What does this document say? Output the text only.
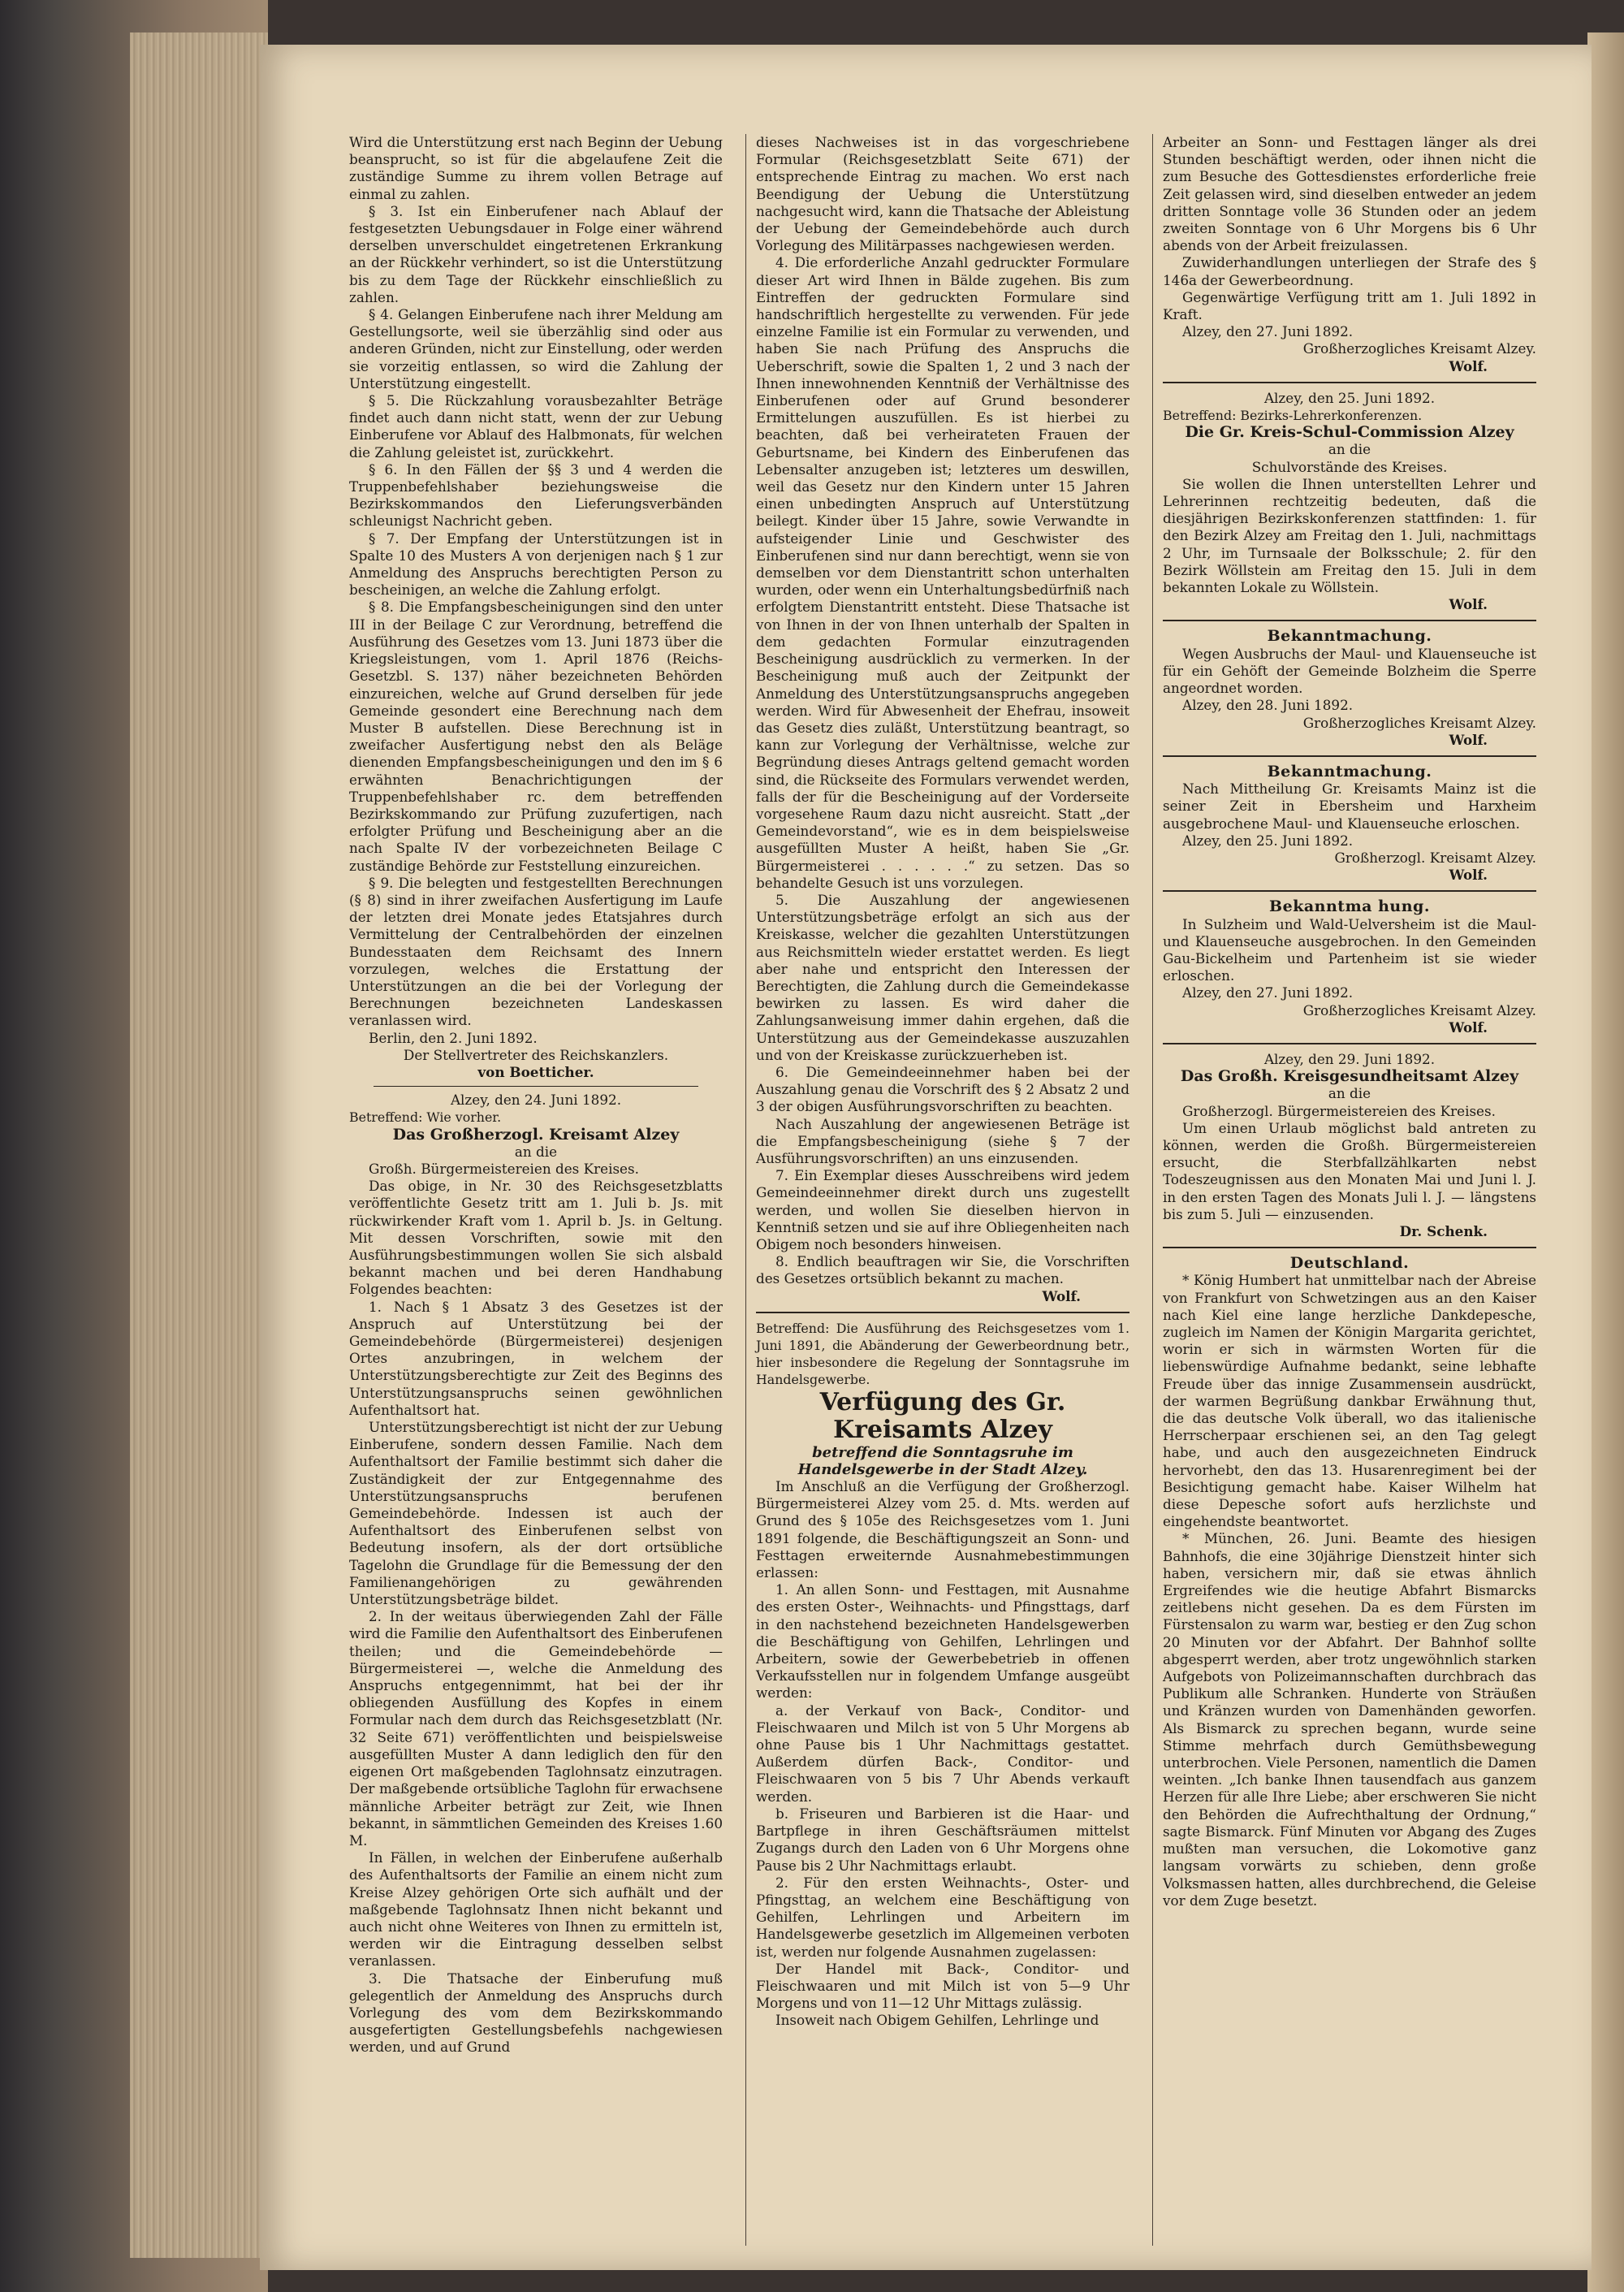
Wird die Unterstützung erst nach Beginn der Uebung beansprucht, so ist für die abgelaufene Zeit die zuständige Summe zu ihrem vollen Betrage auf einmal zu zahlen.

§ 3. Ist ein Einberufener nach Ablauf der festgesetzten Uebungsdauer in Folge einer während derselben unverschuldet eingetretenen Erkrankung an der Rückkehr verhindert, so ist die Unterstützung bis zu dem Tage der Rückkehr einschließlich zu zahlen.

§ 4. Gelangen Einberufene nach ihrer Meldung am Gestellungsorte, weil sie überzählig sind oder aus anderen Gründen, nicht zur Einstellung, oder werden sie vorzeitig entlassen, so wird die Zahlung der Unterstützung eingestellt.

§ 5. Die Rückzahlung vorausbezahlter Beträge findet auch dann nicht statt, wenn der zur Uebung Einberufene vor Ablauf des Halbmonats, für welchen die Zahlung geleistet ist, zurückkehrt.

§ 6. In den Fällen der §§ 3 und 4 werden die Truppenbefehlshaber beziehungsweise die Bezirkskommandos den Lieferungsverbänden schleunigst Nachricht geben.

§ 7. Der Empfang der Unterstützungen ist in Spalte 10 des Musters A von derjenigen nach § 1 zur Anmeldung des Anspruchs berechtigten Person zu bescheinigen, an welche die Zahlung erfolgt.

§ 8. Die Empfangsbescheinigungen sind den unter III in der Beilage C zur Verordnung, betreffend die Ausführung des Gesetzes vom 13. Juni 1873 über die Kriegsleistungen, vom 1. April 1876 (Reichs-Gesetzbl. S. 137) näher bezeichneten Behörden einzureichen, welche auf Grund derselben für jede Gemeinde gesondert eine Berechnung nach dem Muster B aufstellen. Diese Berechnung ist in zweifacher Ausfertigung nebst den als Beläge dienenden Empfangsbescheinigungen und den im § 6 erwähnten Benachrichtigungen der Truppenbefehlshaber rc. dem betreffenden Bezirkskommando zur Prüfung zuzufertigen, nach erfolgter Prüfung und Bescheinigung aber an die nach Spalte IV der vorbezeichneten Beilage C zuständige Behörde zur Feststellung einzureichen.

§ 9. Die belegten und festgestellten Berechnungen (§ 8) sind in ihrer zweifachen Ausfertigung im Laufe der letzten drei Monate jedes Etatsjahres durch Vermittelung der Centralbehörden der einzelnen Bundesstaaten dem Reichsamt des Innern vorzulegen, welches die Erstattung der Unterstützungen an die bei der Vorlegung der Berechnungen bezeichneten Landeskassen veranlassen wird.

Berlin, den 2. Juni 1892.

Der Stellvertreter des Reichskanzlers.

von Boetticher.

Alzey, den 24. Juni 1892.

Betreffend: Wie vorher.

Das Großherzogl. Kreisamt Alzey

an die

Großh. Bürgermeistereien des Kreises.

Das obige, in Nr. 30 des Reichsgesetzblatts veröffentlichte Gesetz tritt am 1. Juli b. Js. mit rückwirkender Kraft vom 1. April b. Js. in Geltung. Mit dessen Vorschriften, sowie mit den Ausführungsbestimmungen wollen Sie sich alsbald bekannt machen und bei deren Handhabung Folgendes beachten:

1. Nach § 1 Absatz 3 des Gesetzes ist der Anspruch auf Unterstützung bei der Gemeindebehörde (Bürgermeisterei) desjenigen Ortes anzubringen, in welchem der Unterstützungsberechtigte zur Zeit des Beginns des Unterstützungsanspruchs seinen gewöhnlichen Aufenthaltsort hat.

Unterstützungsberechtigt ist nicht der zur Uebung Einberufene, sondern dessen Familie. Nach dem Aufenthaltsort der Familie bestimmt sich daher die Zuständigkeit der zur Entgegennahme des Unterstützungsanspruchs berufenen Gemeindebehörde. Indessen ist auch der Aufenthaltsort des Einberufenen selbst von Bedeutung insofern, als der dort ortsübliche Tagelohn die Grundlage für die Bemessung der den Familienangehörigen zu gewährenden Unterstützungsbeträge bildet.

2. In der weitaus überwiegenden Zahl der Fälle wird die Familie den Aufenthaltsort des Einberufenen theilen; und die Gemeindebehörde — Bürgermeisterei —, welche die Anmeldung des Anspruchs entgegennimmt, hat bei der ihr obliegenden Ausfüllung des Kopfes in einem Formular nach dem durch das Reichsgesetzblatt (Nr. 32 Seite 671) veröffentlichten und beispielsweise ausgefüllten Muster A dann lediglich den für den eigenen Ort maßgebenden Taglohnsatz einzutragen. Der maßgebende ortsübliche Taglohn für erwachsene männliche Arbeiter beträgt zur Zeit, wie Ihnen bekannt, in sämmtlichen Gemeinden des Kreises 1.60 M.

In Fällen, in welchen der Einberufene außerhalb des Aufenthaltsorts der Familie an einem nicht zum Kreise Alzey gehörigen Orte sich aufhält und der maßgebende Taglohnsatz Ihnen nicht bekannt und auch nicht ohne Weiteres von Ihnen zu ermitteln ist, werden wir die Eintragung desselben selbst veranlassen.

3. Die Thatsache der Einberufung muß gelegentlich der Anmeldung des Anspruchs durch Vorlegung des vom dem Bezirkskommando ausgefertigten Gestellungsbefehls nachgewiesen werden, und auf Grund

dieses Nachweises ist in das vorgeschriebene Formular (Reichsgesetzblatt Seite 671) der entsprechende Eintrag zu machen. Wo erst nach Beendigung der Uebung die Unterstützung nachgesucht wird, kann die Thatsache der Ableistung der Uebung der Gemeindebehörde auch durch Vorlegung des Militärpasses nachgewiesen werden.

4. Die erforderliche Anzahl gedruckter Formulare dieser Art wird Ihnen in Bälde zugehen. Bis zum Eintreffen der gedruckten Formulare sind handschriftlich hergestellte zu verwenden. Für jede einzelne Familie ist ein Formular zu verwenden, und haben Sie nach Prüfung des Anspruchs die Ueberschrift, sowie die Spalten 1, 2 und 3 nach der Ihnen innewohnenden Kenntniß der Verhältnisse des Einberufenen oder auf Grund besonderer Ermittelungen auszufüllen. Es ist hierbei zu beachten, daß bei verheirateten Frauen der Geburtsname, bei Kindern des Einberufenen das Lebensalter anzugeben ist; letzteres um deswillen, weil das Gesetz nur den Kindern unter 15 Jahren einen unbedingten Anspruch auf Unterstützung beilegt. Kinder über 15 Jahre, sowie Verwandte in aufsteigender Linie und Geschwister des Einberufenen sind nur dann berechtigt, wenn sie von demselben vor dem Dienstantritt schon unterhalten wurden, oder wenn ein Unterhaltungsbedürfniß nach erfolgtem Dienstantritt entsteht. Diese Thatsache ist von Ihnen in der von Ihnen unterhalb der Spalten in dem gedachten Formular einzutragenden Bescheinigung ausdrücklich zu vermerken. In der Bescheinigung muß auch der Zeitpunkt der Anmeldung des Unterstützungsanspruchs angegeben werden. Wird für Abwesenheit der Ehefrau, insoweit das Gesetz dies zuläßt, Unterstützung beantragt, so kann zur Vorlegung der Verhältnisse, welche zur Begründung dieses Antrags geltend gemacht worden sind, die Rückseite des Formulars verwendet werden, falls der für die Bescheinigung auf der Vorderseite vorgesehene Raum dazu nicht ausreicht. Statt „der Gemeindevorstand“, wie es in dem beispielsweise ausgefüllten Muster A heißt, haben Sie „Gr. Bürgermeisterei . . . . . .“ zu setzen. Das so behandelte Gesuch ist uns vorzulegen.

5. Die Auszahlung der angewiesenen Unterstützungsbeträge erfolgt an sich aus der Kreiskasse, welcher die gezahlten Unterstützungen aus Reichsmitteln wieder erstattet werden. Es liegt aber nahe und entspricht den Interessen der Berechtigten, die Zahlung durch die Gemeindekasse bewirken zu lassen. Es wird daher die Zahlungsanweisung immer dahin ergehen, daß die Unterstützung aus der Gemeindekasse auszuzahlen und von der Kreiskasse zurückzuerheben ist.

6. Die Gemeindeeinnehmer haben bei der Auszahlung genau die Vorschrift des § 2 Absatz 2 und 3 der obigen Ausführungsvorschriften zu beachten.

Nach Auszahlung der angewiesenen Beträge ist die Empfangsbescheinigung (siehe § 7 der Ausführungsvorschriften) an uns einzusenden.

7. Ein Exemplar dieses Ausschreibens wird jedem Gemeindeeinnehmer direkt durch uns zugestellt werden, und wollen Sie dieselben hiervon in Kenntniß setzen und sie auf ihre Obliegenheiten nach Obigem noch besonders hinweisen.

8. Endlich beauftragen wir Sie, die Vorschriften des Gesetzes ortsüblich bekannt zu machen.

Wolf.

Betreffend: Die Ausführung des Reichsgesetzes vom 1. Juni 1891, die Abänderung der Gewerbeordnung betr., hier insbesondere die Regelung der Sonntagsruhe im Handelsgewerbe.

Verfügung des Gr. Kreisamts Alzey

betreffend die Sonntagsruhe im Handelsgewerbe in der Stadt Alzey.

Im Anschluß an die Verfügung der Großherzogl. Bürgermeisterei Alzey vom 25. d. Mts. werden auf Grund des § 105e des Reichsgesetzes vom 1. Juni 1891 folgende, die Beschäftigungszeit an Sonn- und Festtagen erweiternde Ausnahmebestimmungen erlassen:

1. An allen Sonn- und Festtagen, mit Ausnahme des ersten Oster-, Weihnachts- und Pfingsttags, darf in den nachstehend bezeichneten Handelsgewerben die Beschäftigung von Gehilfen, Lehrlingen und Arbeitern, sowie der Gewerbebetrieb in offenen Verkaufsstellen nur in folgendem Umfange ausgeübt werden:

a. der Verkauf von Back-, Conditor- und Fleischwaaren und Milch ist von 5 Uhr Morgens ab ohne Pause bis 1 Uhr Nachmittags gestattet. Außerdem dürfen Back-, Conditor- und Fleischwaaren von 5 bis 7 Uhr Abends verkauft werden.

b. Friseuren und Barbieren ist die Haar- und Bartpflege in ihren Geschäftsräumen mittelst Zugangs durch den Laden von 6 Uhr Morgens ohne Pause bis 2 Uhr Nachmittags erlaubt.

2. Für den ersten Weihnachts-, Oster- und Pfingsttag, an welchem eine Beschäftigung von Gehilfen, Lehrlingen und Arbeitern im Handelsgewerbe gesetzlich im Allgemeinen verboten ist, werden nur folgende Ausnahmen zugelassen:

Der Handel mit Back-, Conditor- und Fleischwaaren und mit Milch ist von 5—9 Uhr Morgens und von 11—12 Uhr Mittags zulässig.

Insoweit nach Obigem Gehilfen, Lehrlinge und

Arbeiter an Sonn- und Festtagen länger als drei Stunden beschäftigt werden, oder ihnen nicht die zum Besuche des Gottesdienstes erforderliche freie Zeit gelassen wird, sind dieselben entweder an jedem dritten Sonntage volle 36 Stunden oder an jedem zweiten Sonntage von 6 Uhr Morgens bis 6 Uhr abends von der Arbeit freizulassen.

Zuwiderhandlungen unterliegen der Strafe des § 146a der Gewerbeordnung.

Gegenwärtige Verfügung tritt am 1. Juli 1892 in Kraft.

Alzey, den 27. Juni 1892.

Großherzogliches Kreisamt Alzey.

Wolf.

Alzey, den 25. Juni 1892.

Betreffend: Bezirks-Lehrerkonferenzen.

Die Gr. Kreis-Schul-Commission Alzey

an die

Schulvorstände des Kreises.

Sie wollen die Ihnen unterstellten Lehrer und Lehrerinnen rechtzeitig bedeuten, daß die diesjährigen Bezirkskonferenzen stattfinden: 1. für den Bezirk Alzey am Freitag den 1. Juli, nachmittags 2 Uhr, im Turnsaale der Bolksschule; 2. für den Bezirk Wöllstein am Freitag den 15. Juli in dem bekannten Lokale zu Wöllstein.

Wolf.

Bekanntmachung.

Wegen Ausbruchs der Maul- und Klauenseuche ist für ein Gehöft der Gemeinde Bolzheim die Sperre angeordnet worden.

Alzey, den 28. Juni 1892.

Großherzogliches Kreisamt Alzey.

Wolf.

Bekanntmachung.

Nach Mittheilung Gr. Kreisamts Mainz ist die seiner Zeit in Ebersheim und Harxheim ausgebrochene Maul- und Klauenseuche erloschen.

Alzey, den 25. Juni 1892.

Großherzogl. Kreisamt Alzey.

Wolf.

Bekanntma hung.

In Sulzheim und Wald-Uelversheim ist die Maul- und Klauenseuche ausgebrochen. In den Gemeinden Gau-Bickelheim und Partenheim ist sie wieder erloschen.

Alzey, den 27. Juni 1892.

Großherzogliches Kreisamt Alzey.

Wolf.

Alzey, den 29. Juni 1892.

Das Großh. Kreisgesundheitsamt Alzey

an die

Großherzogl. Bürgermeistereien des Kreises.

Um einen Urlaub möglichst bald antreten zu können, werden die Großh. Bürgermeistereien ersucht, die Sterbfallzählkarten nebst Todeszeugnissen aus den Monaten Mai und Juni l. J. in den ersten Tagen des Monats Juli l. J. — längstens bis zum 5. Juli — einzusenden.

Dr. Schenk.

Deutschland.

* König Humbert hat unmittelbar nach der Abreise von Frankfurt von Schwetzingen aus an den Kaiser nach Kiel eine lange herzliche Dankdepesche, zugleich im Namen der Königin Margarita gerichtet, worin er sich in wärmsten Worten für die liebenswürdige Aufnahme bedankt, seine lebhafte Freude über das innige Zusammensein ausdrückt, der warmen Begrüßung dankbar Erwähnung thut, die das deutsche Volk überall, wo das italienische Herrscherpaar erschienen sei, an den Tag gelegt habe, und auch den ausgezeichneten Eindruck hervorhebt, den das 13. Husarenregiment bei der Besichtigung gemacht habe. Kaiser Wilhelm hat diese Depesche sofort aufs herzlichste und eingehendste beantwortet.

* München, 26. Juni. Beamte des hiesigen Bahnhofs, die eine 30jährige Dienstzeit hinter sich haben, versichern mir, daß sie etwas ähnlich Ergreifendes wie die heutige Abfahrt Bismarcks zeitlebens nicht gesehen. Da es dem Fürsten im Fürstensalon zu warm war, bestieg er den Zug schon 20 Minuten vor der Abfahrt. Der Bahnhof sollte abgesperrt werden, aber trotz ungewöhnlich starken Aufgebots von Polizeimannschaften durchbrach das Publikum alle Schranken. Hunderte von Sträußen und Kränzen wurden von Damenhänden geworfen. Als Bismarck zu sprechen begann, wurde seine Stimme mehrfach durch Gemüthsbewegung unterbrochen. Viele Personen, namentlich die Damen weinten. „Ich banke Ihnen tausendfach aus ganzem Herzen für alle Ihre Liebe; aber erschweren Sie nicht den Behörden die Aufrechthaltung der Ordnung,“ sagte Bismarck. Fünf Minuten vor Abgang des Zuges mußten man versuchen, die Lokomotive ganz langsam vorwärts zu schieben, denn große Volksmassen hatten, alles durchbrechend, die Geleise vor dem Zuge besetzt.
